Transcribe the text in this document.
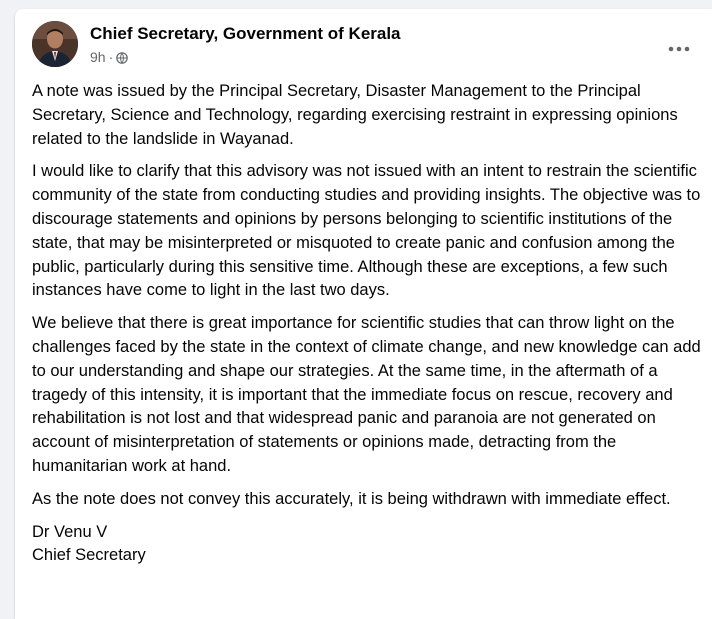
Chief Secretary, Government of Kerala
9h ·

A note was issued by the Principal Secretary, Disaster Management to the Principal Secretary, Science and Technology, regarding exercising restraint in expressing opinions related to the landslide in Wayanad.

I would like to clarify that this advisory was not issued with an intent to restrain the scientific community of the state from conducting studies and providing insights. The objective was to discourage statements and opinions by persons belonging to scientific institutions of the state, that may be misinterpreted or misquoted to create panic and confusion among the public, particularly during this sensitive time. Although these are exceptions, a few such instances have come to light in the last two days.

We believe that there is great importance for scientific studies that can throw light on the challenges faced by the state in the context of climate change, and new knowledge can add to our understanding and shape our strategies. At the same time, in the aftermath of a tragedy of this intensity, it is important that the immediate focus on rescue, recovery and rehabilitation is not lost and that widespread panic and paranoia are not generated on account of misinterpretation of statements or opinions made, detracting from the humanitarian work at hand.

As the note does not convey this accurately, it is being withdrawn with immediate effect.

Dr Venu V
Chief Secretary
